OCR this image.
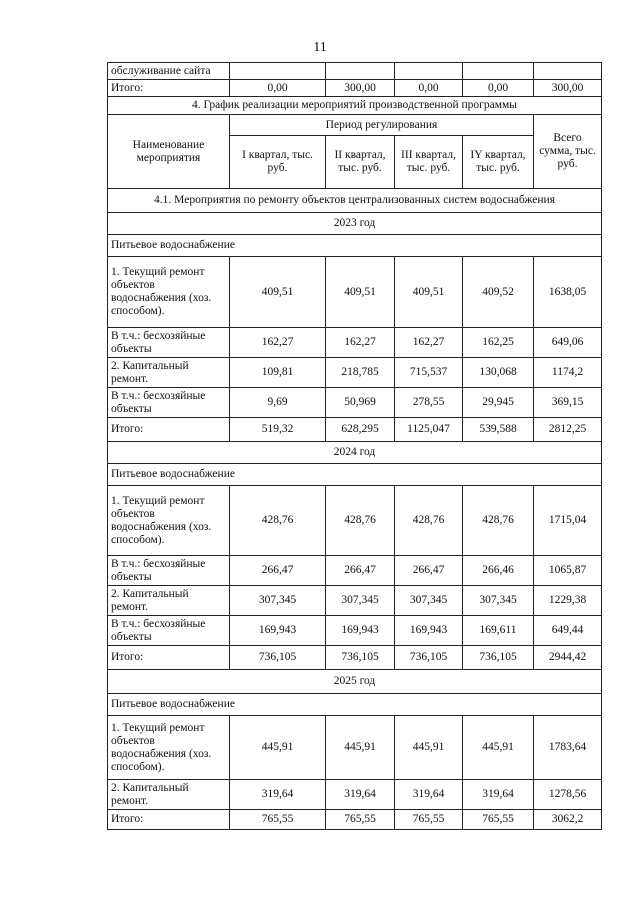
11
обслуживание сайта					
Итого:	0,00	300,00	0,00	0,00	300,00
4. График реализации мероприятий производственной программы					
Наименование мероприятия	Период регулирования				Всего сумма, тыс. руб.
	I квартал, тыс. руб.	II квартал, тыс. руб.	III квартал, тыс. руб.	IY квартал, тыс. руб.	
4.1. Мероприятия по ремонту объектов централизованных систем водоснабжения					
2023 год					
Питьевое водоснабжение					
1. Текущий ремонт объектов водоснабжения (хоз. способом).	409,51	409,51	409,51	409,52	1638,05
В т.ч.: бесхозяйные объекты	162,27	162,27	162,27	162,25	649,06
2. Капитальный ремонт.	109,81	218,785	715,537	130,068	1174,2
В т.ч.: бесхозяйные объекты	9,69	50,969	278,55	29,945	369,15
Итого:	519,32	628,295	1125,047	539,588	2812,25
2024 год					
Питьевое водоснабжение					
1. Текущий ремонт объектов водоснабжения (хоз. способом).	428,76	428,76	428,76	428,76	1715,04
В т.ч.: бесхозяйные объекты	266,47	266,47	266,47	266,46	1065,87
2. Капитальный ремонт.	307,345	307,345	307,345	307,345	1229,38
В т.ч.: бесхозяйные объекты	169,943	169,943	169,943	169,611	649,44
Итого:	736,105	736,105	736,105	736,105	2944,42
2025 год					
Питьевое водоснабжение					
1. Текущий ремонт объектов водоснабжения (хоз. способом).	445,91	445,91	445,91	445,91	1783,64
2. Капитальный ремонт.	319,64	319,64	319,64	319,64	1278,56
Итого:	765,55	765,55	765,55	765,55	3062,2
